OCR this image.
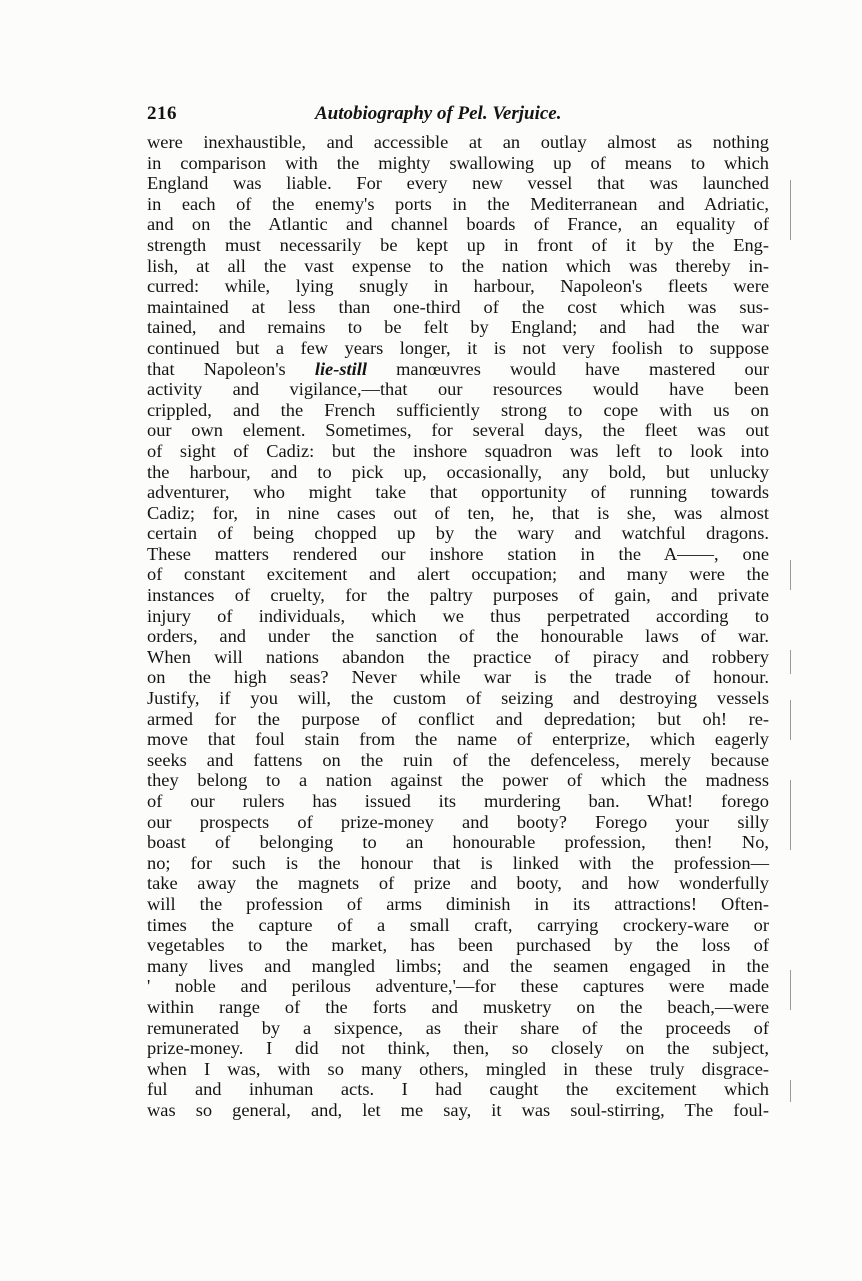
216	Autobiography of Pel. Verjuice.
were inexhaustible, and accessible at an outlay almost as nothing
in comparison with the mighty swallowing up of means to which
England was liable. For every new vessel that was launched
in each of the enemy's ports in the Mediterranean and Adriatic,
and on the Atlantic and channel boards of France, an equality of
strength must necessarily be kept up in front of it by the Eng-
lish, at all the vast expense to the nation which was thereby in-
curred: while, lying snugly in harbour, Napoleon's fleets were
maintained at less than one-third of the cost which was sus-
tained, and remains to be felt by England; and had the war
continued but a few years longer, it is not very foolish to suppose
that Napoleon's lie-still manœuvres would have mastered our
activity and vigilance,—that our resources would have been
crippled, and the French sufficiently strong to cope with us on
our own element. Sometimes, for several days, the fleet was out
of sight of Cadiz: but the inshore squadron was left to look into
the harbour, and to pick up, occasionally, any bold, but unlucky
adventurer, who might take that opportunity of running towards
Cadiz; for, in nine cases out of ten, he, that is she, was almost
certain of being chopped up by the wary and watchful dragons.
These matters rendered our inshore station in the A——, one
of constant excitement and alert occupation; and many were the
instances of cruelty, for the paltry purposes of gain, and private
injury of individuals, which we thus perpetrated according to
orders, and under the sanction of the honourable laws of war.
When will nations abandon the practice of piracy and robbery
on the high seas? Never while war is the trade of honour.
Justify, if you will, the custom of seizing and destroying vessels
armed for the purpose of conflict and depredation; but oh! re-
move that foul stain from the name of enterprize, which eagerly
seeks and fattens on the ruin of the defenceless, merely because
they belong to a nation against the power of which the madness
of our rulers has issued its murdering ban. What! forego
our prospects of prize-money and booty? Forego your silly
boast of belonging to an honourable profession, then! No,
no; for such is the honour that is linked with the profession—
take away the magnets of prize and booty, and how wonderfully
will the profession of arms diminish in its attractions! Often-
times the capture of a small craft, carrying crockery-ware or
vegetables to the market, has been purchased by the loss of
many lives and mangled limbs; and the seamen engaged in the
' noble and perilous adventure,'—for these captures were made
within range of the forts and musketry on the beach,—were
remunerated by a sixpence, as their share of the proceeds of
prize-money. I did not think, then, so closely on the subject,
when I was, with so many others, mingled in these truly disgrace-
ful and inhuman acts. I had caught the excitement which
was so general, and, let me say, it was soul-stirring, The foul-
